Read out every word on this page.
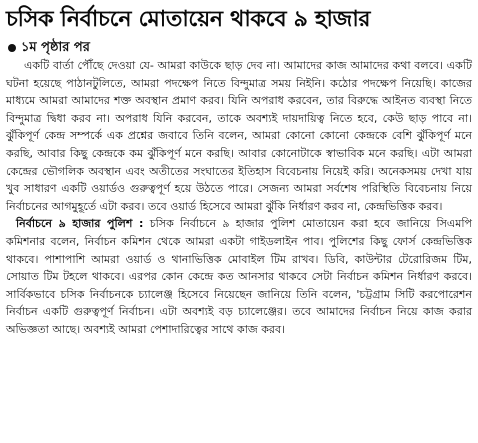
চসিক নির্বাচনে মোতায়েন থাকবে ৯ হাজার
১ম পৃষ্ঠার পর

একটি বার্তা পৌঁছে দেওয়া যে- আমরা কাউকে ছাড় দেব না। আমাদের কাজ আমাদের কথা বলবে। একটি ঘটনা হয়েছে পাঠানটুলিতে, আমরা পদক্ষেপ নিতে বিন্দুমাত্র সময় নিইনি। কঠোর পদক্ষেপ নিয়েছি। কাজের মাধ্যমে আমরা আমাদের শক্ত অবস্থান প্রমাণ করব। যিনি অপরাধ করবেন, তার বিরুদ্ধে আইনত ব্যবস্থা নিতে বিন্দুমাত্র দ্বিধা করব না। অপরাধ যিনি করবেন, তাকে অবশ্যই দায়দায়িত্ব নিতে হবে, কেউ ছাড় পাবে না। ঝুঁকিপূর্ণ কেন্দ্র সম্পর্কে এক প্রশ্নের জবাবে তিনি বলেন, আমরা কোনো কোনো কেন্দ্রকে বেশি ঝুঁকিপূর্ণ মনে করছি, আবার কিছু কেন্দ্রকে কম ঝুঁকিপূর্ণ মনে করছি। আবার কোনোটাকে স্বাভাবিক মনে করছি। এটা আমরা কেন্দ্রের ভৌগলিক অবস্থান এবং অতীতের সংঘাতের ইতিহাস বিবেচনায় নিয়েই করি। অনেকসময় দেখা যায় খুব সাধারণ একটি ওয়ার্ডও গুরুত্বপূর্ণ হয়ে উঠতে পারে। সেজন্য আমরা সর্বশেষ পরিস্থিতি বিবেচনায় নিয়ে নির্বাচনের আগমুহূর্তে এটা করব। তবে ওয়ার্ড হিসেবে আমরা ঝুঁকি নির্ধারণ করব না, কেন্দ্রভিত্তিক করব।

নির্বাচনে ৯ হাজার পুলিশ : চসিক নির্বাচনে ৯ হাজার পুলিশ মোতায়েন করা হবে জানিয়ে সিএমপি কমিশনার বলেন, নির্বাচন কমিশন থেকে আমরা একটা গাইডলাইন পাব। পুলিশের কিছু ফোর্স কেন্দ্রভিত্তিক থাকবে। পাশাপাশি আমরা ওয়ার্ড ও থানাভিত্তিক মোবাইল টিম রাখব। ডিবি, কাউন্টার টেরোরিজম টিম, সোয়াত টিম টহলে থাকবে। এরপর কোন কেন্দ্রে কত আনসার থাকবে সেটা নির্বাচন কমিশন নির্ধারণ করবে। সার্বিকভাবে চসিক নির্বাচনকে চ্যালেঞ্জ হিসেবে নিয়েছেন জানিয়ে তিনি বলেন, 'চট্টগ্রাম সিটি করপোরেশন নির্বাচন একটি গুরুত্বপূর্ণ নির্বাচন। এটা অবশ্যই বড় চ্যালেঞ্জের। তবে আমাদের নির্বাচন নিয়ে কাজ করার অভিজ্ঞতা আছে। অবশ্যই আমরা পেশাদারিত্বের সাথে কাজ করব।
